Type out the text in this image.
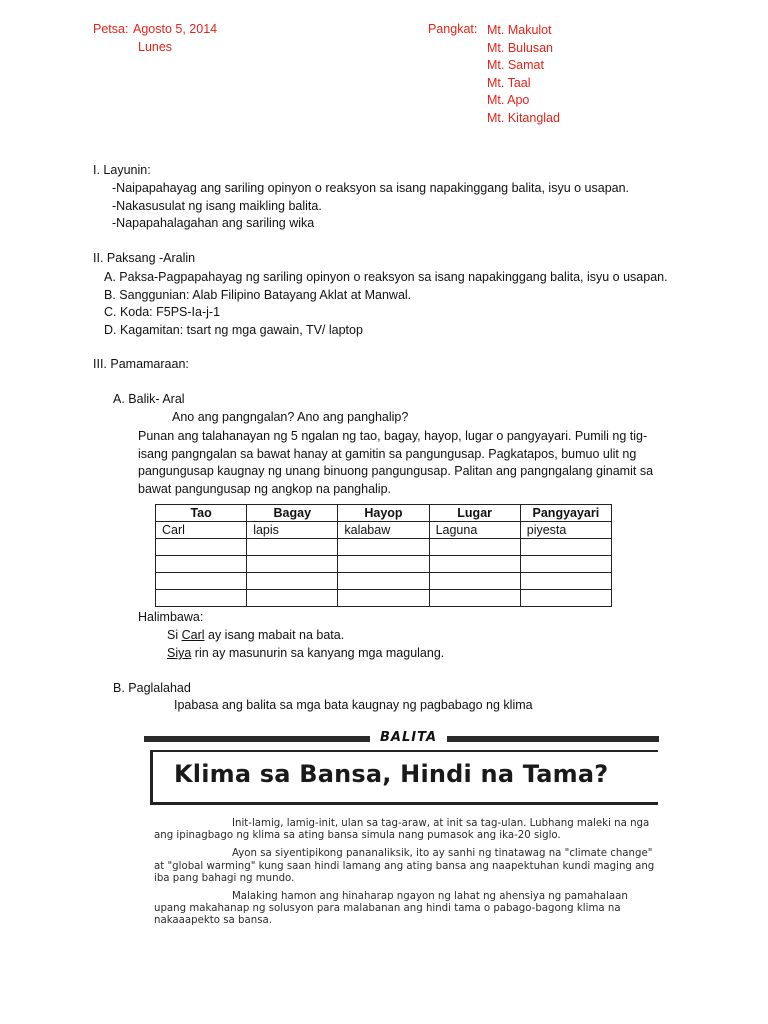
Petsa: Agosto 5, 2014
Lunes
Pangkat: Mt. Makulot
Mt. Bulusan
Mt. Samat
Mt. Taal
Mt. Apo
Mt. Kitanglad
I. Layunin:
-Naipapahayag ang sariling opinyon o reaksyon sa isang napakinggang balita, isyu o usapan.
-Nakasusulat ng isang maikling balita.
-Napapahalagahan ang sariling wika
II. Paksang -Aralin
A. Paksa-Pagpapahayag ng sariling opinyon o reaksyon sa isang napakinggang balita, isyu o usapan.
B. Sanggunian: Alab Filipino Batayang Aklat at Manwal.
C. Koda: F5PS-Ia-j-1
D. Kagamitan: tsart ng mga gawain, TV/ laptop
III. Pamamaraan:
A. Balik- Aral
Ano ang pangngalan? Ano ang panghalip?
Punan ang talahanayan ng 5 ngalan ng tao, bagay, hayop, lugar o pangyayari. Pumili ng tig-
isang pangngalan sa bawat hanay at gamitin sa pangungusap. Pagkatapos, bumuo ulit ng
pangungusap kaugnay ng unang binuong pangungusap. Palitan ang pangngalang ginamit sa
bawat pangungusap ng angkop na panghalip.
Tao	Bagay	Hayop	Lugar	Pangyayari
Carl	lapis	kalabaw	Laguna	piyesta

Halimbawa:
Si Carl ay isang mabait na bata.
Siya rin ay masunurin sa kanyang mga magulang.
B. Paglalahad
Ipabasa ang balita sa mga bata kaugnay ng pagbabago ng klima
BALITA
Klima sa Bansa, Hindi na Tama?

Init-lamig, lamig-init, ulan sa tag-araw, at init sa tag-ulan. Lubhang maleki na nga ang ipinagbago ng klima sa ating bansa simula nang pumasok ang ika-20 siglo.

Ayon sa siyentipikong pananaliksik, ito ay sanhi ng tinatawag na "climate change" at "global warming" kung saan hindi lamang ang ating bansa ang naapektuhan kundi maging ang iba pang bahagi ng mundo.

Malaking hamon ang hinaharap ngayon ng lahat ng ahensiya ng pamahalaan upang makahanap ng solusyon para malabanan ang hindi tama o pabago-bagong klima na nakaaapekto sa bansa.
